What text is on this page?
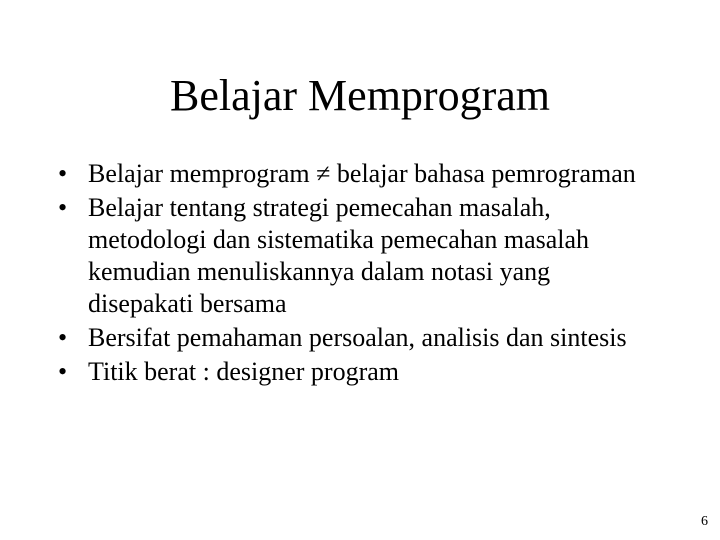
Belajar Memprogram
• Belajar memprogram ≠ belajar bahasa pemrograman
• Belajar tentang strategi pemecahan masalah, metodologi dan sistematika pemecahan masalah kemudian menuliskannya dalam notasi yang disepakati bersama
• Bersifat pemahaman persoalan, analisis dan sintesis
• Titik berat : designer program
6
